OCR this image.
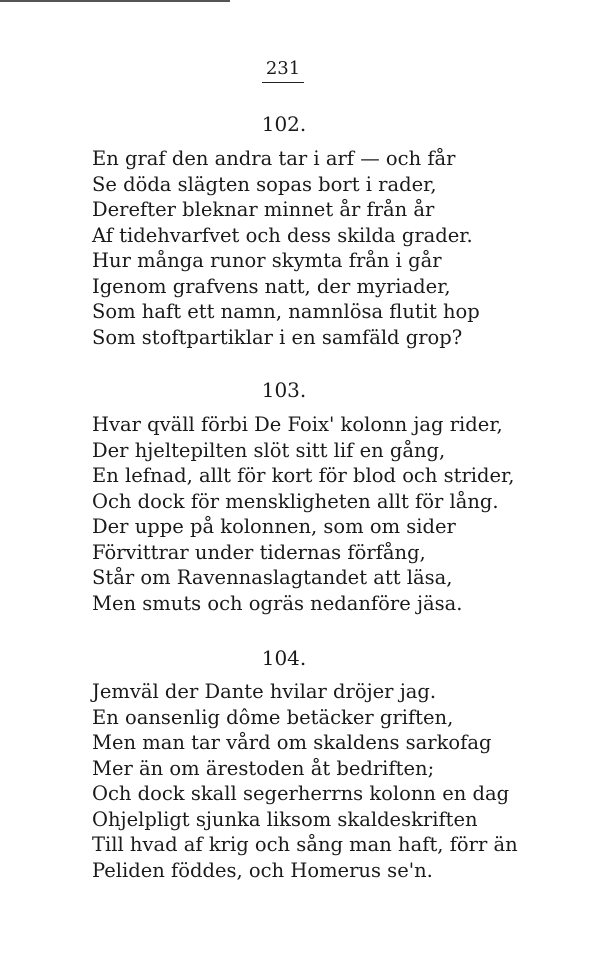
231
102.
En graf den andra tar i arf — och får
Se döda slägten sopas bort i rader,
Derefter bleknar minnet år från år
Af tidehvarfvet och dess skilda grader.
Hur många runor skymta från i går
Igenom grafvens natt, der myriader,
Som haft ett namn, namnlösa flutit hop
Som stoftpartiklar i en samfäld grop?
103.
Hvar qväll förbi De Foix' kolonn jag rider,
Der hjeltepilten slöt sitt lif en gång,
En lefnad, allt för kort för blod och strider,
Och dock för menskligheten allt för lång.
Der uppe på kolonnen, som om sider
Förvittrar under tidernas förfång,
Står om Ravennaslagtandet att läsa,
Men smuts och ogräs nedanföre jäsa.
104.
Jemväl der Dante hvilar dröjer jag.
En oansenlig dôme betäcker griften,
Men man tar vård om skaldens sarkofag
Mer än om ärestoden åt bedriften;
Och dock skall segerherrns kolonn en dag
Ohjelpligt sjunka liksom skaldeskriften
Till hvad af krig och sång man haft, förr än
Peliden föddes, och Homerus se'n.
